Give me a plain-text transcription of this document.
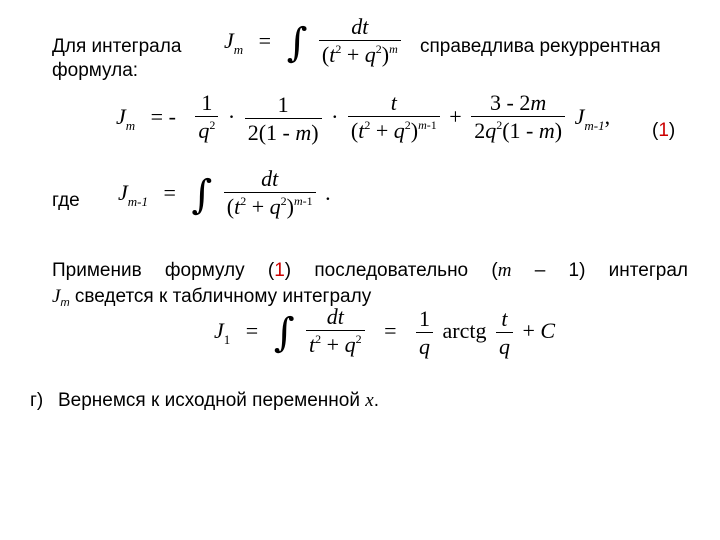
Для интеграла	справедлива рекуррентная
формула:
$J_m$ = ∫ $\frac{dt}{(t^2 + q^2)^m}$
$J_m$ = - $\frac{1}{q^2} \cdot \frac{1}{2(1 - m)} \cdot \frac{t}{(t^2 + q^2)^{m-1}} + \frac{3 - 2m}{2q^2(1 - m)} J_{m-1}$,
(1)
где $J_{m-1}$ = ∫ $\frac{dt}{(t^2 + q^2)^{m-1}}$ .
Применив формулу (1) последовательно (m – 1) интеграл
$J_m$ сведется к табличному интегралу
$J_1$ = ∫ $\frac{dt}{t^2 + q^2} = \frac{1}{q}$ arctg $\frac{t}{q} + C$
г) Вернемся к исходной переменной x.
